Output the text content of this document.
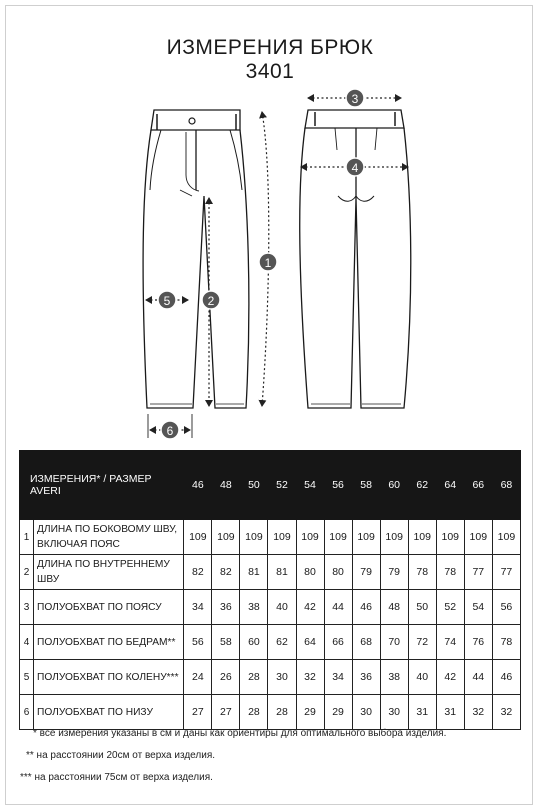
ИЗМЕРЕНИЯ БРЮК
3401
1
2
3
4
5
6
ИЗМЕРЕНИЯ* / РАЗМЕР AVERI		46	48	50	52	54	56	58	60	62	64	66	68
1	ДЛИНА ПО БОКОВОМУ ШВУ, ВКЛЮЧАЯ ПОЯС	109	109	109	109	109	109	109	109	109	109	109	109
2	ДЛИНА ПО ВНУТРЕННЕМУ ШВУ	82	82	81	81	80	80	79	79	78	78	77	77
3	ПОЛУОБХВАТ ПО ПОЯСУ	34	36	38	40	42	44	46	48	50	52	54	56
4	ПОЛУОБХВАТ ПО БЕДРАМ**	56	58	60	62	64	66	68	70	72	74	76	78
5	ПОЛУОБХВАТ ПО КОЛЕНУ***	24	26	28	30	32	34	36	38	40	42	44	46
6	ПОЛУОБХВАТ ПО НИЗУ	27	27	28	28	29	29	30	30	31	31	32	32
* все измерения указаны в см и даны как ориентиры для оптимального выбора изделия.
** на расстоянии 20см от верха изделия.
*** на расстоянии 75см от верха изделия.
